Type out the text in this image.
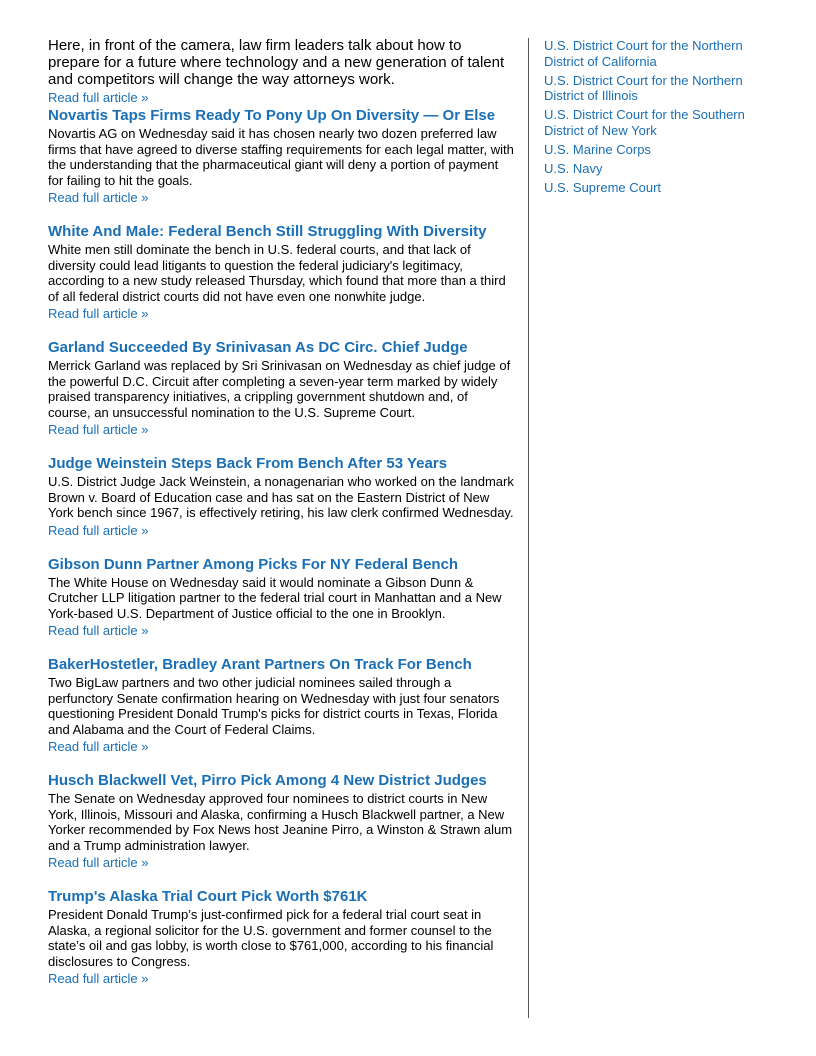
Here, in front of the camera, law firm leaders talk about how to prepare for a future where technology and a new generation of talent and competitors will change the way attorneys work.

Read full article »
Novartis Taps Firms Ready To Pony Up On Diversity — Or Else

Novartis AG on Wednesday said it has chosen nearly two dozen preferred law firms that have agreed to diverse staffing requirements for each legal matter, with the understanding that the pharmaceutical giant will deny a portion of payment for failing to hit the goals.

Read full article »
White And Male: Federal Bench Still Struggling With Diversity

White men still dominate the bench in U.S. federal courts, and that lack of diversity could lead litigants to question the federal judiciary's legitimacy, according to a new study released Thursday, which found that more than a third of all federal district courts did not have even one nonwhite judge.

Read full article »
Garland Succeeded By Srinivasan As DC Circ. Chief Judge

Merrick Garland was replaced by Sri Srinivasan on Wednesday as chief judge of the powerful D.C. Circuit after completing a seven-year term marked by widely praised transparency initiatives, a crippling government shutdown and, of course, an unsuccessful nomination to the U.S. Supreme Court.

Read full article »
Judge Weinstein Steps Back From Bench After 53 Years

U.S. District Judge Jack Weinstein, a nonagenarian who worked on the landmark Brown v. Board of Education case and has sat on the Eastern District of New York bench since 1967, is effectively retiring, his law clerk confirmed Wednesday.

Read full article »
Gibson Dunn Partner Among Picks For NY Federal Bench

The White House on Wednesday said it would nominate a Gibson Dunn & Crutcher LLP litigation partner to the federal trial court in Manhattan and a New York-based U.S. Department of Justice official to the one in Brooklyn.

Read full article »
BakerHostetler, Bradley Arant Partners On Track For Bench

Two BigLaw partners and two other judicial nominees sailed through a perfunctory Senate confirmation hearing on Wednesday with just four senators questioning President Donald Trump's picks for district courts in Texas, Florida and Alabama and the Court of Federal Claims.

Read full article »
Husch Blackwell Vet, Pirro Pick Among 4 New District Judges

The Senate on Wednesday approved four nominees to district courts in New York, Illinois, Missouri and Alaska, confirming a Husch Blackwell partner, a New Yorker recommended by Fox News host Jeanine Pirro, a Winston & Strawn alum and a Trump administration lawyer.

Read full article »
Trump's Alaska Trial Court Pick Worth $761K

President Donald Trump’s just-confirmed pick for a federal trial court seat in Alaska, a regional solicitor for the U.S. government and former counsel to the state’s oil and gas lobby, is worth close to $761,000, according to his financial disclosures to Congress.

Read full article »
U.S. District Court for the Northern District of California
U.S. District Court for the Northern District of Illinois
U.S. District Court for the Southern District of New York
U.S. Marine Corps
U.S. Navy
U.S. Supreme Court
